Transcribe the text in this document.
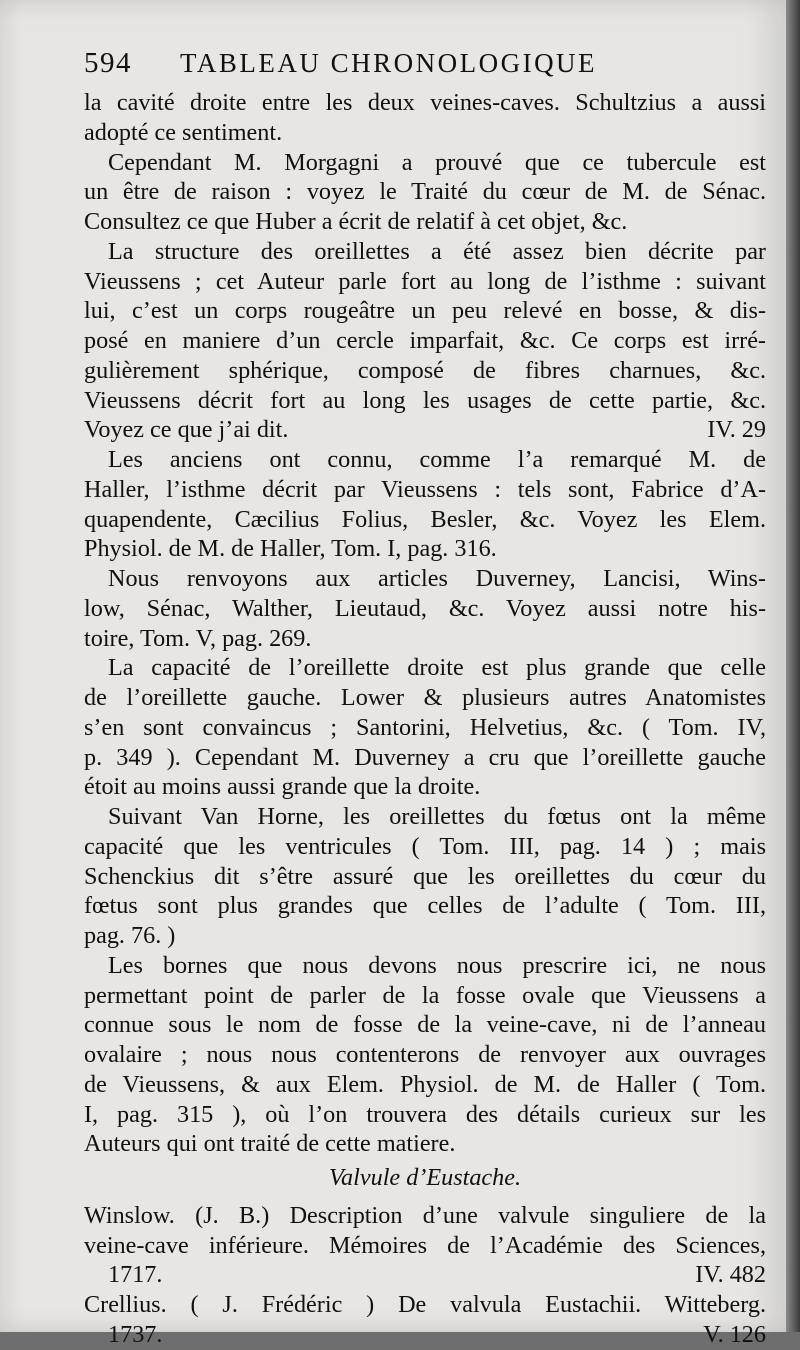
594	TABLEAU CHRONOLOGIQUE
la cavité droite entre les deux veines-caves. Schultzius a aussi
adopté ce sentiment.
Cependant M. Morgagni a prouvé que ce tubercule est
un être de raison : voyez le Traité du cœur de M. de Sénac.
Consultez ce que Huber a écrit de relatif à cet objet, &c.
La structure des oreillettes a été assez bien décrite par
Vieussens ; cet Auteur parle fort au long de l’isthme : suivant
lui, c’est un corps rougeâtre un peu relevé en bosse, & dis-
posé en maniere d’un cercle imparfait, &c. Ce corps est irré-
gulièrement sphérique, composé de fibres charnues, &c.
Vieussens décrit fort au long les usages de cette partie, &c.
Voyez ce que j’ai dit.	IV. 29
Les anciens ont connu, comme l’a remarqué M. de
Haller, l’isthme décrit par Vieussens : tels sont, Fabrice d’A-
quapendente, Cæcilius Folius, Besler, &c. Voyez les Elem.
Physiol. de M. de Haller, Tom. I, pag. 316.
Nous renvoyons aux articles Duverney, Lancisi, Wins-
low, Sénac, Walther, Lieutaud, &c. Voyez aussi notre his-
toire, Tom. V, pag. 269.
La capacité de l’oreillette droite est plus grande que celle
de l’oreillette gauche. Lower & plusieurs autres Anatomistes
s’en sont convaincus ; Santorini, Helvetius, &c. ( Tom. IV,
p. 349 ). Cependant M. Duverney a cru que l’oreillette gauche
étoit au moins aussi grande que la droite.
Suivant Van Horne, les oreillettes du fœtus ont la même
capacité que les ventricules ( Tom. III, pag. 14 ) ; mais
Schenckius dit s’être assuré que les oreillettes du cœur du
fœtus sont plus grandes que celles de l’adulte ( Tom. III,
pag. 76. )
Les bornes que nous devons nous prescrire ici, ne nous
permettant point de parler de la fosse ovale que Vieussens a
connue sous le nom de fosse de la veine-cave, ni de l’anneau
ovalaire ; nous nous contenterons de renvoyer aux ouvrages
de Vieussens, & aux Elem. Physiol. de M. de Haller ( Tom.
I, pag. 315 ), où l’on trouvera des détails curieux sur les
Auteurs qui ont traité de cette matiere.
Valvule d’Eustache.
Winslow. (J. B.) Description d’une valvule singuliere de la
veine-cave inférieure. Mémoires de l’Académie des Sciences,
1717.	IV. 482
Crellius. ( J. Frédéric ) De valvula Eustachii. Witteberg.
1737.	V. 126
